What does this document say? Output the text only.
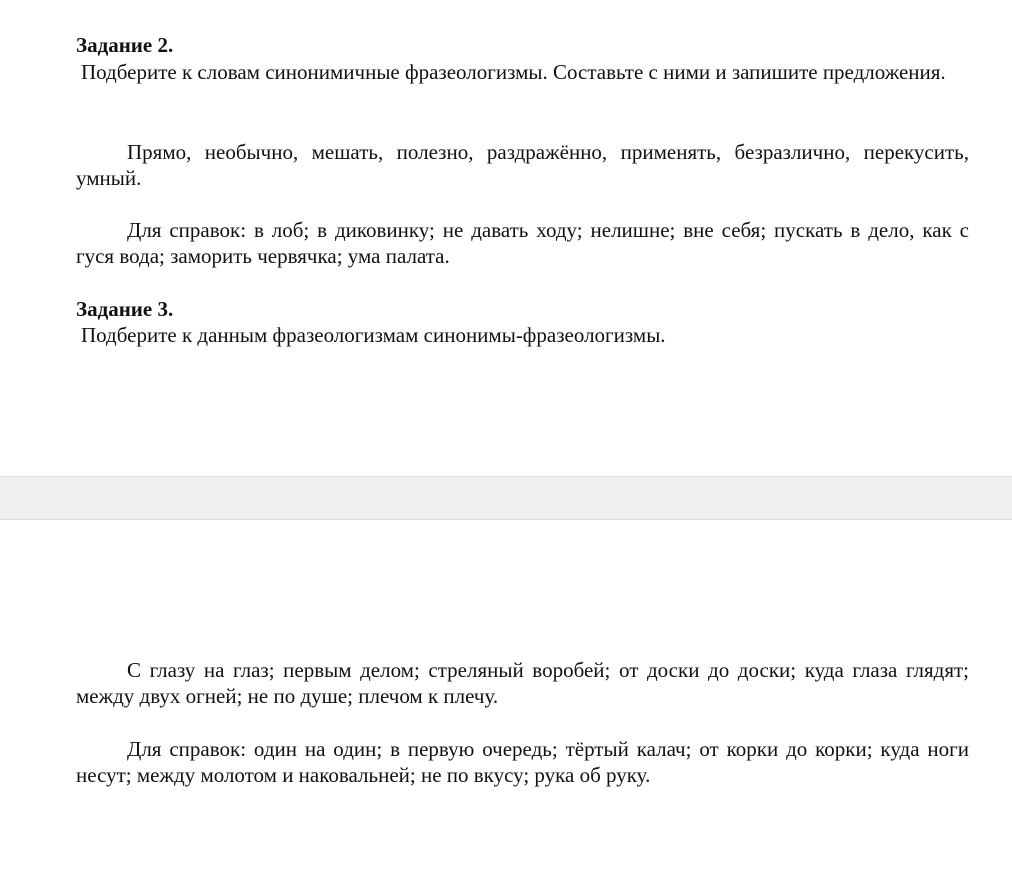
Задание 2.
Подберите к словам синонимичные фразеологизмы. Составьте с ними и запишите предложения.
Прямо, необычно, мешать, полезно, раздражённо, применять, безразлично, перекусить, умный.
Для справок: в лоб; в диковинку; не давать ходу; нелишне; вне себя; пускать в дело, как с гуся вода; заморить червячка; ума палата.
Задание 3.
Подберите к данным фразеологизмам синонимы-фразеологизмы.
С глазу на глаз; первым делом; стреляный воробей; от доски до доски; куда глаза глядят; между двух огней; не по душе; плечом к плечу.
Для справок: один на один; в первую очередь; тёртый калач; от корки до корки; куда ноги несут; между молотом и наковальней; не по вкусу; рука об руку.
